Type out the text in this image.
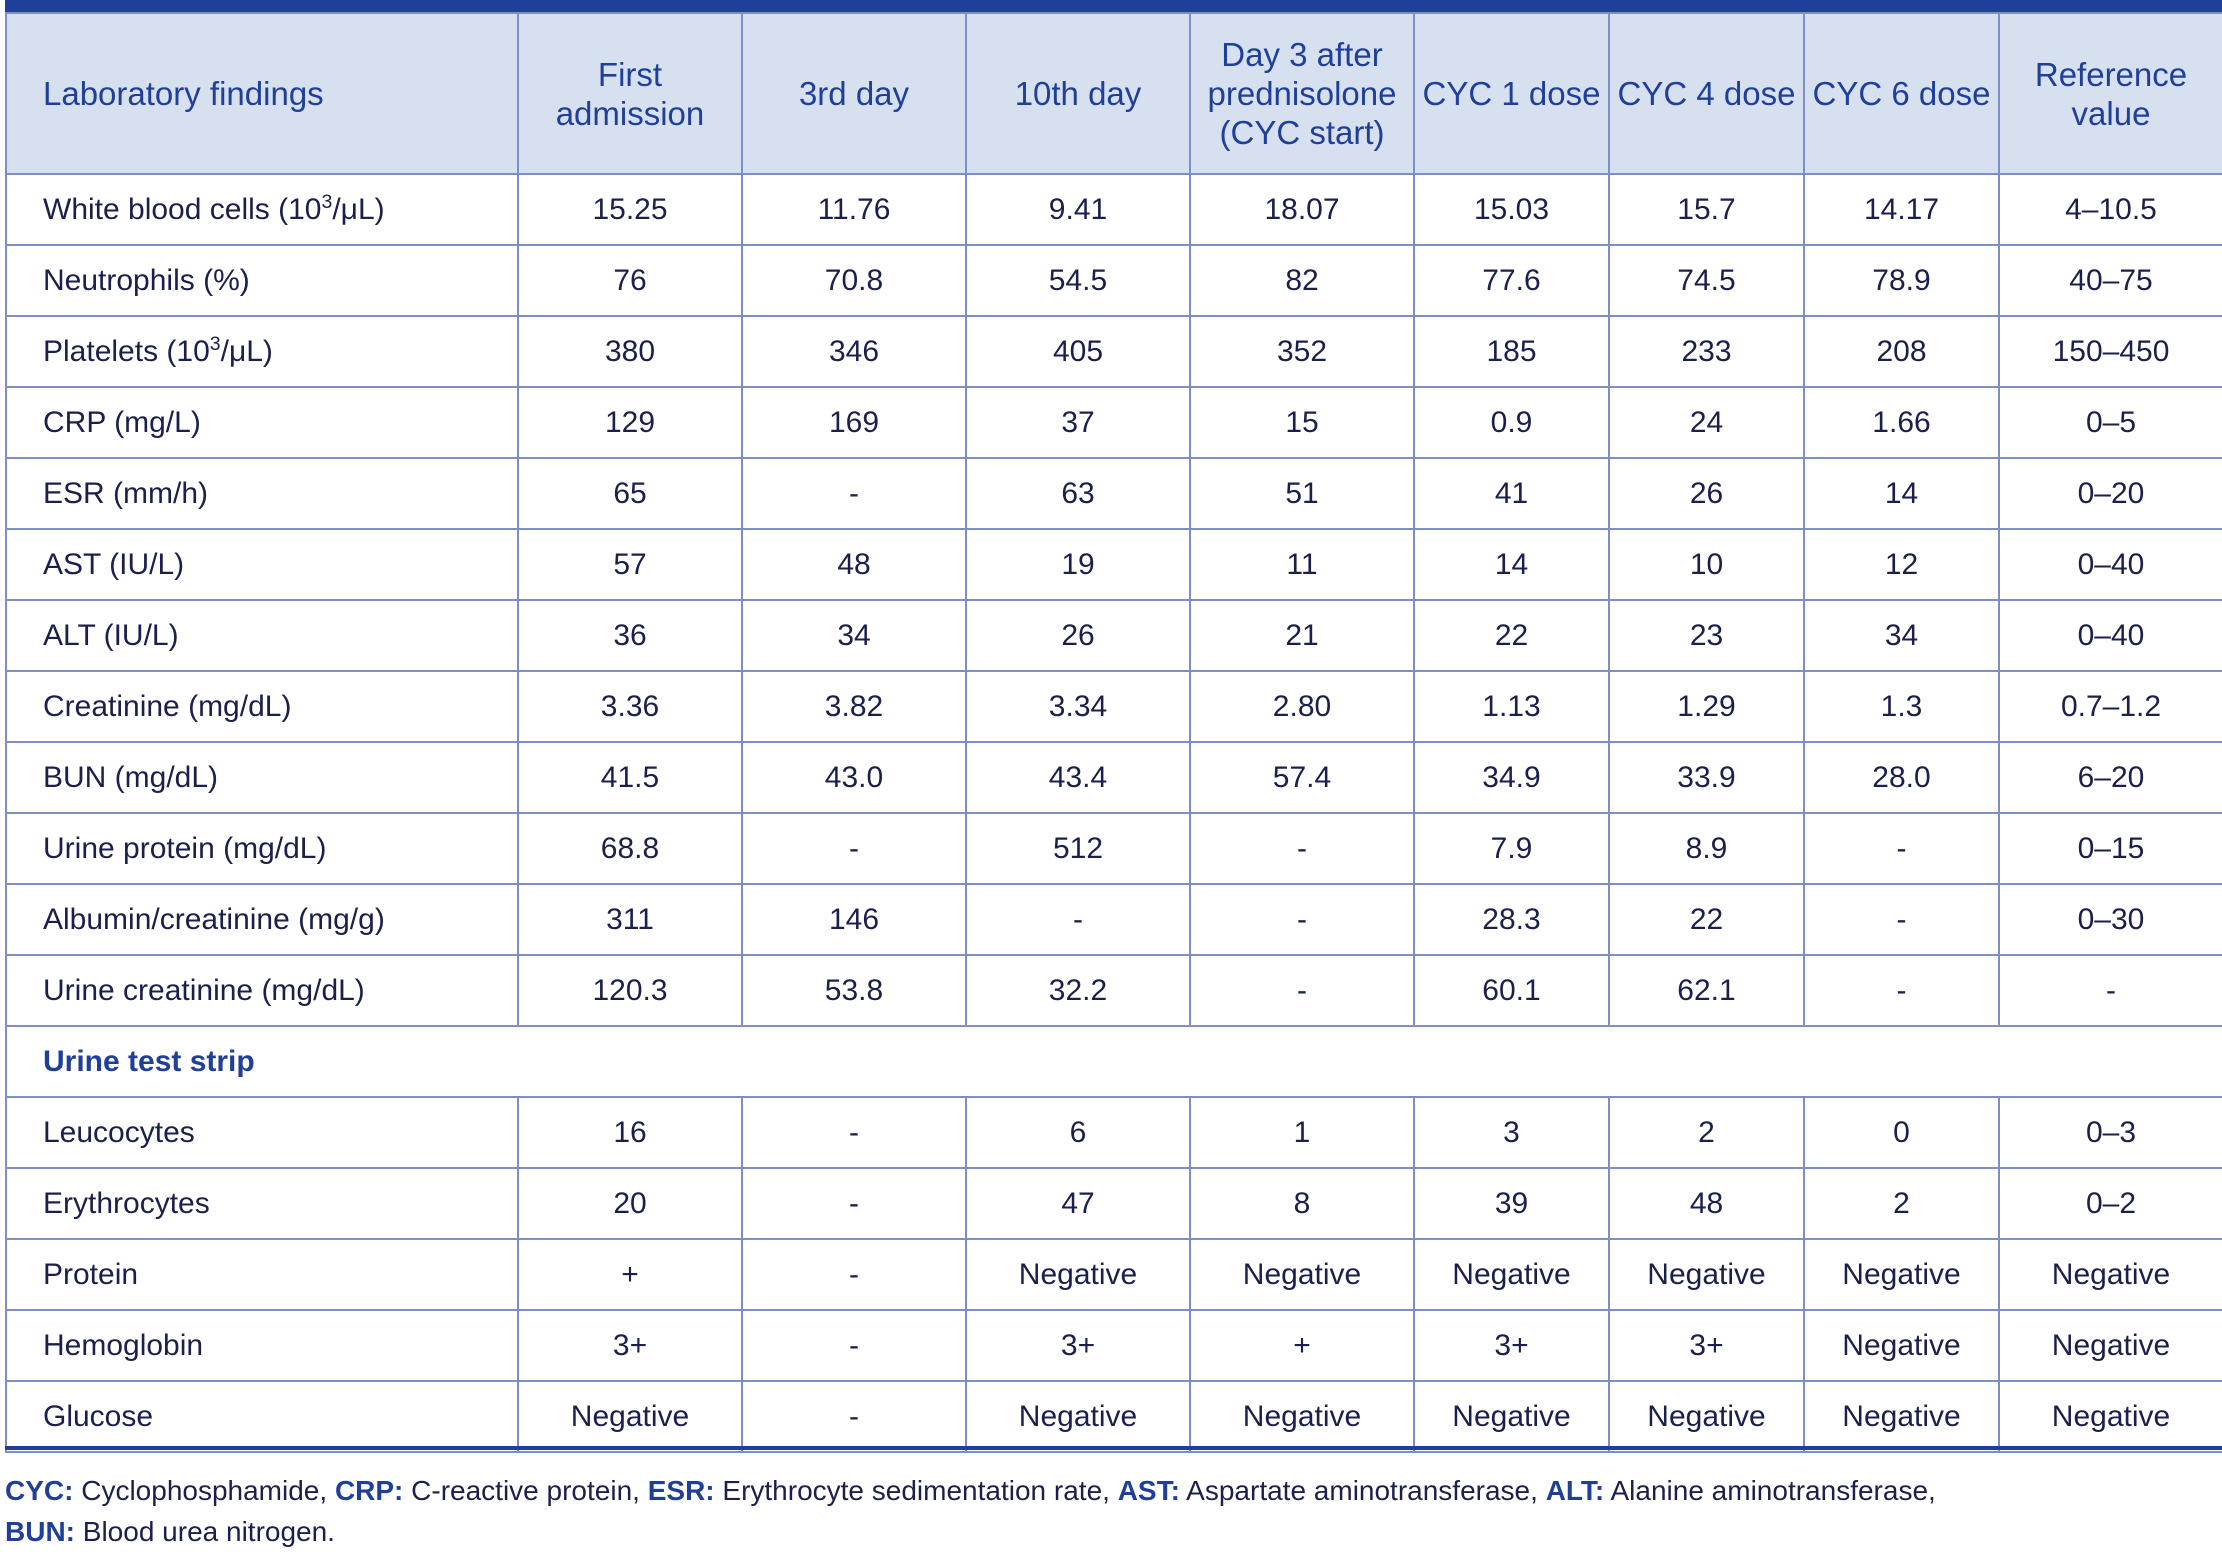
Laboratory findings	First admission	3rd day	10th day	Day 3 after prednisolone (CYC start)	CYC 1 dose	CYC 4 dose	CYC 6 dose	Reference value
White blood cells $(10^3/\mu L)$	15.25	11.76	9.41	18.07	15.03	15.7	14.17	4–10.5
Neutrophils (%)	76	70.8	54.5	82	77.6	74.5	78.9	40–75
Platelets $(10^3/\mu L)$	380	346	405	352	185	233	208	150–450
CRP (mg/L)	129	169	37	15	0.9	24	1.66	0–5
ESR (mm/h)	65	-	63	51	41	26	14	0–20
AST (IU/L)	57	48	19	11	14	10	12	0–40
ALT (IU/L)	36	34	26	21	22	23	34	0–40
Creatinine (mg/dL)	3.36	3.82	3.34	2.80	1.13	1.29	1.3	0.7–1.2
BUN (mg/dL)	41.5	43.0	43.4	57.4	34.9	33.9	28.0	6–20
Urine protein (mg/dL)	68.8	-	512	-	7.9	8.9	-	0–15
Albumin/creatinine (mg/g)	311	146	-	-	28.3	22	-	0–30
Urine creatinine (mg/dL)	120.3	53.8	32.2	-	60.1	62.1	-	-
Urine test strip								
Leucocytes	16	-	6	1	3	2	0	0–3
Erythrocytes	20	-	47	8	39	48	2	0–2
Protein	+	-	Negative	Negative	Negative	Negative	Negative	Negative
Hemoglobin	3+	-	3+	+	3+	3+	Negative	Negative
Glucose	Negative	-	Negative	Negative	Negative	Negative	Negative	Negative
CYC: Cyclophosphamide, CRP: C-reactive protein, ESR: Erythrocyte sedimentation rate, AST: Aspartate aminotransferase, ALT: Alanine aminotransferase,
BUN: Blood urea nitrogen.
